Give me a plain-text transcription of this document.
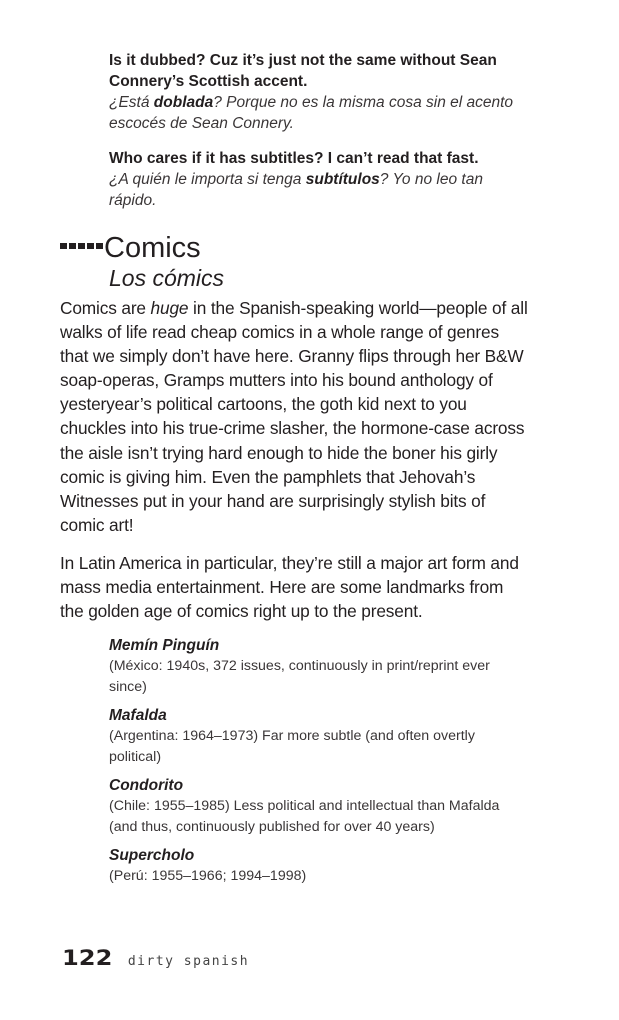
Is it dubbed? Cuz it’s just not the same without Sean Connery’s Scottish accent.

¿Está doblada? Porque no es la misma cosa sin el acento escocés de Sean Connery.

Who cares if it has subtitles? I can’t read that fast.

¿A quién le importa si tenga subtítulos? Yo no leo tan rápido.

Comics
Los cómics

Comics are huge in the Spanish-speaking world—people of all walks of life read cheap comics in a whole range of genres that we simply don’t have here. Granny flips through her B&W soap-operas, Gramps mutters into his bound anthology of yesteryear’s political cartoons, the goth kid next to you chuckles into his true-crime slasher, the hormone-case across the aisle isn’t trying hard enough to hide the boner his girly comic is giving him. Even the pamphlets that Jehovah’s Witnesses put in your hand are surprisingly stylish bits of comic art!

In Latin America in particular, they’re still a major art form and mass media entertainment. Here are some landmarks from the golden age of comics right up to the present.

Memín Pinguín

(México: 1940s, 372 issues, continuously in print/reprint ever since)

Mafalda

(Argentina: 1964–1973) Far more subtle (and often overtly political)

Condorito

(Chile: 1955–1985) Less political and intellectual than Mafalda (and thus, continuously published for over 40 years)

Supercholo

(Perú: 1955–1966; 1994–1998)

122 dirty spanish
